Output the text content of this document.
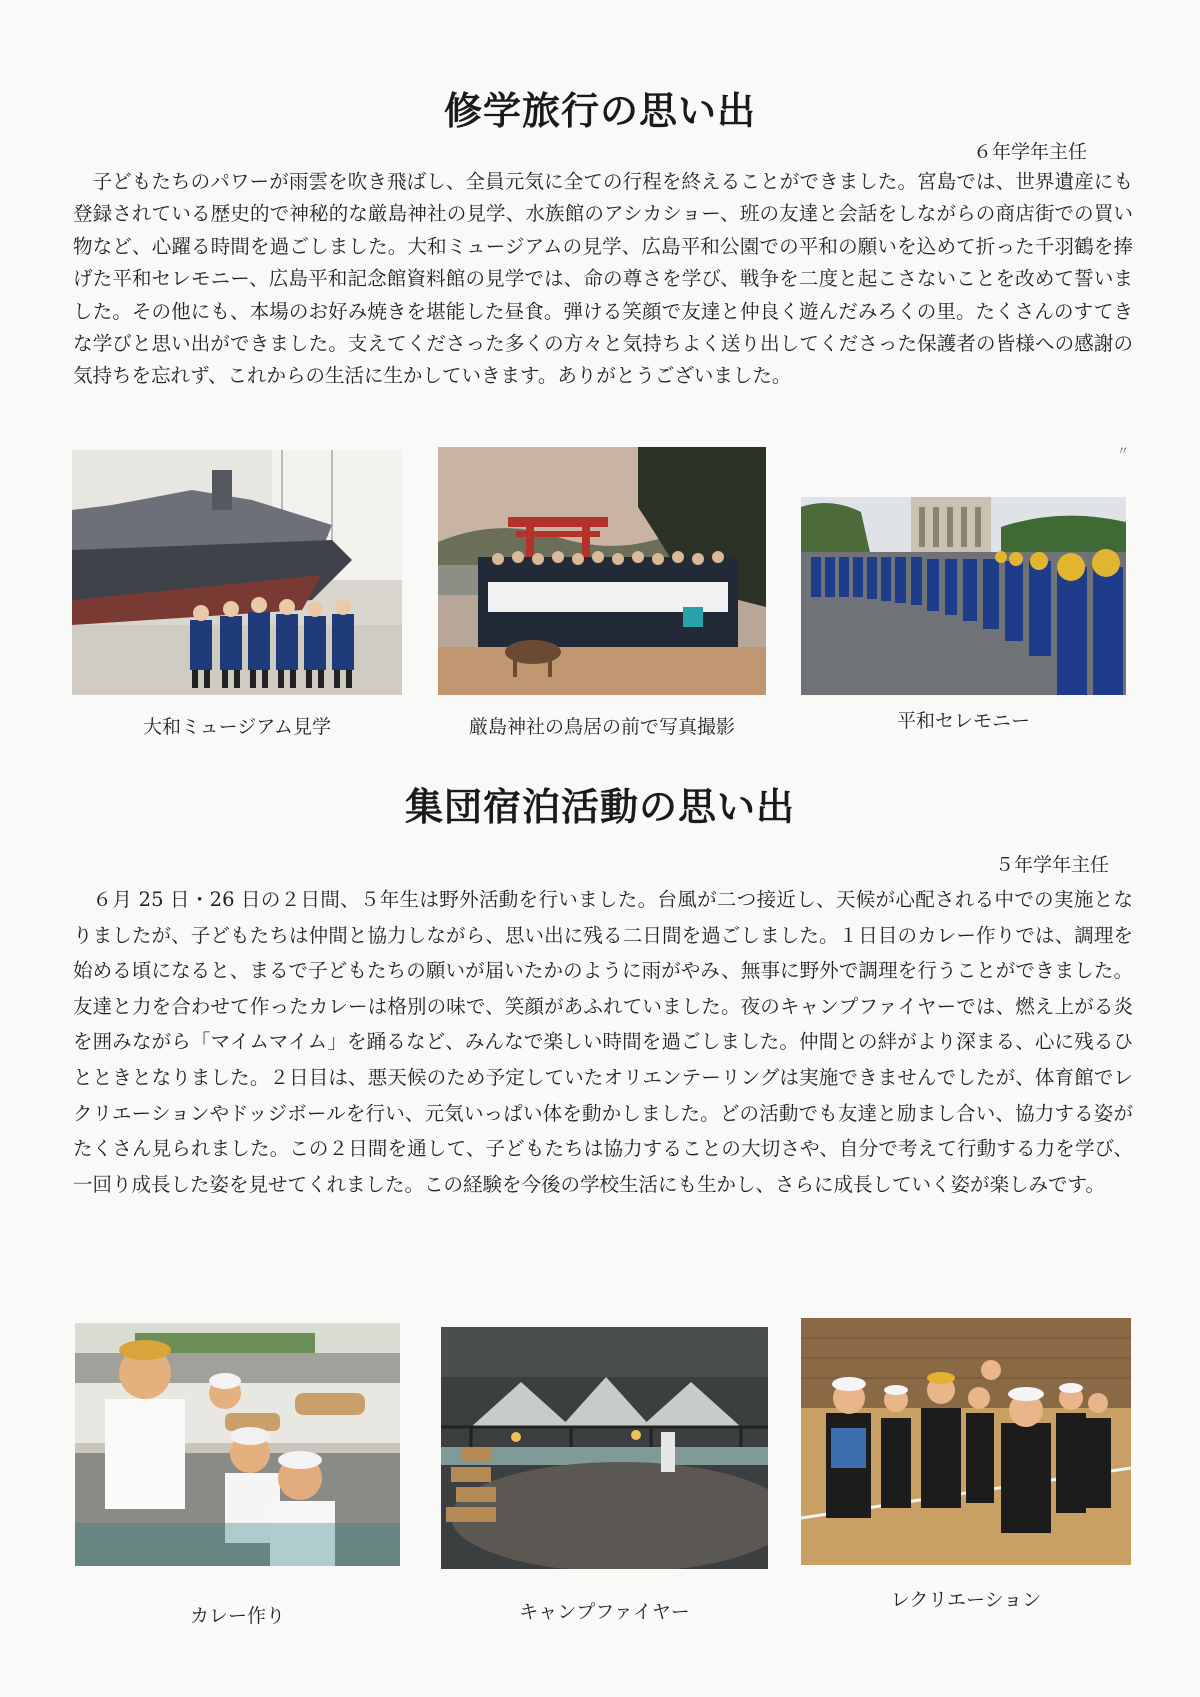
修学旅行の思い出

６年学年主任

子どもたちのパワーが雨雲を吹き飛ばし、全員元気に全ての行程を終えることができました。宮島では、世界遺産にも登録されている歴史的で神秘的な厳島神社の見学、水族館のアシカショー、班の友達と会話をしながらの商店街での買い物など、心躍る時間を過ごしました。大和ミュージアムの見学、広島平和公園での平和の願いを込めて折った千羽鶴を捧げた平和セレモニー、広島平和記念館資料館の見学では、命の尊さを学び、戦争を二度と起こさないことを改めて誓いました。その他にも、本場のお好み焼きを堪能した昼食。弾ける笑顔で友達と仲良く遊んだみろくの里。たくさんのすてきな学びと思い出ができました。支えてくださった多くの方々と気持ちよく送り出してくださった保護者の皆様への感謝の気持ちを忘れず、これからの生活に生かしていきます。ありがとうございました。

大和ミュージアム見学	厳島神社の鳥居の前で写真撮影	平和セレモニー

〃
集団宿泊活動の思い出

５年学年主任

６月 25 日・26 日の２日間、５年生は野外活動を行いました。台風が二つ接近し、天候が心配される中での実施となりましたが、子どもたちは仲間と協力しながら、思い出に残る二日間を過ごしました。１日目のカレー作りでは、調理を始める頃になると、まるで子どもたちの願いが届いたかのように雨がやみ、無事に野外で調理を行うことができました。友達と力を合わせて作ったカレーは格別の味で、笑顔があふれていました。夜のキャンプファイヤーでは、燃え上がる炎を囲みながら「マイムマイム」を踊るなど、みんなで楽しい時間を過ごしました。仲間との絆がより深まる、心に残るひとときとなりました。２日目は、悪天候のため予定していたオリエンテーリングは実施できませんでしたが、体育館でレクリエーションやドッジボールを行い、元気いっぱい体を動かしました。どの活動でも友達と励まし合い、協力する姿がたくさん見られました。この２日間を通して、子どもたちは協力することの大切さや、自分で考えて行動する力を学び、一回り成長した姿を見せてくれました。この経験を今後の学校生活にも生かし、さらに成長していく姿が楽しみです。

カレー作り	キャンプファイヤー

レクリエーション
